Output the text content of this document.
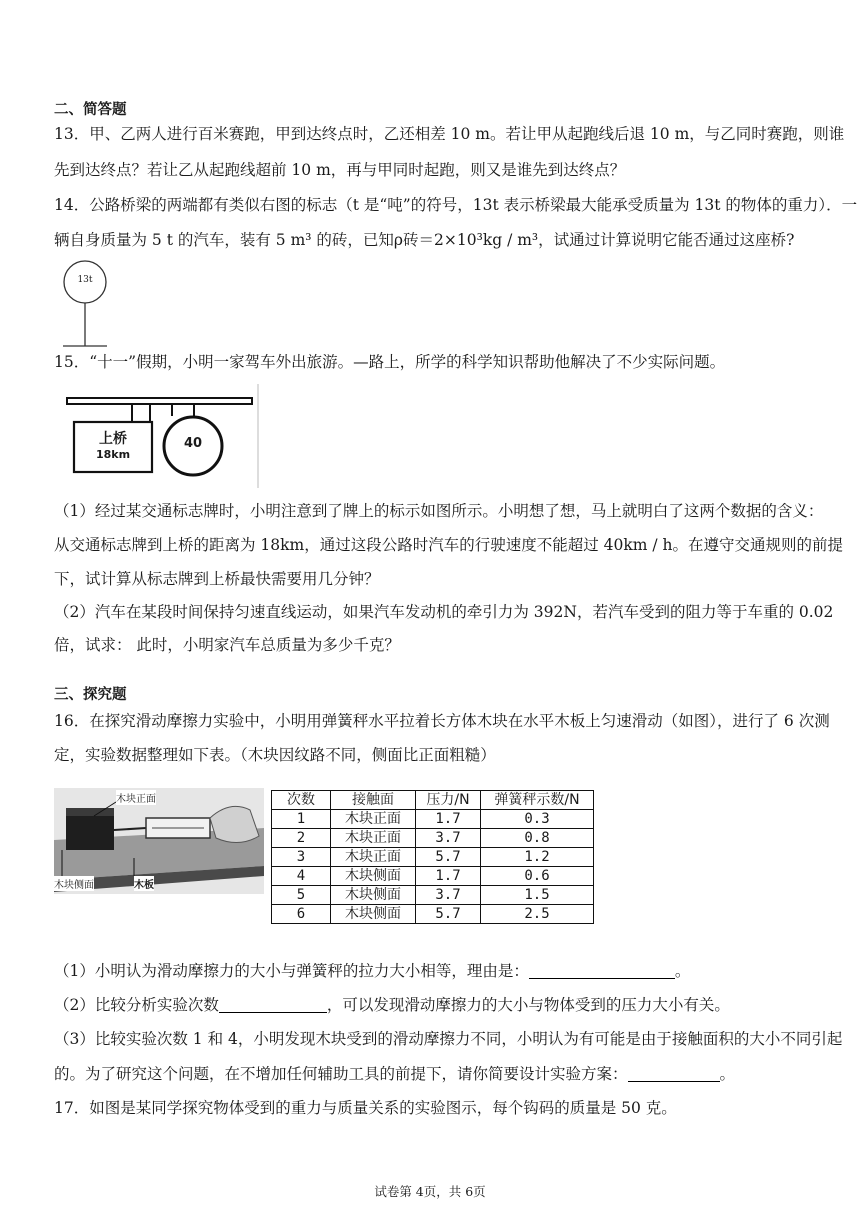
二、简答题
13．甲、乙两人进行百米赛跑，甲到达终点时，乙还相差 10 m。若让甲从起跑线后退 10 m，与乙同时赛跑，则谁
先到达终点？若让乙从起跑线超前 10 m，再与甲同时起跑，则又是谁先到达终点？
14．公路桥梁的两端都有类似右图的标志（t 是“吨”的符号，13t 表示桥梁最大能承受质量为 13t 的物体的重力）．一
辆自身质量为 5 t 的汽车，装有 5 m³ 的砖，已知ρ砖＝2×10³kg / m³，试通过计算说明它能否通过这座桥?
13t
15．“十一”假期，小明一家驾车外出旅游。—路上，所学的科学知识帮助他解决了不少实际问题。
上桥
18km
40
（1）经过某交通标志牌时，小明注意到了牌上的标示如图所示。小明想了想，马上就明白了这两个数据的含义：
从交通标志牌到上桥的距离为 18km，通过这段公路时汽车的行驶速度不能超过 40km / h。在遵守交通规则的前提
下，试计算从标志牌到上桥最快需要用几分钟？
（2）汽车在某段时间保持匀速直线运动，如果汽车发动机的牵引力为 392N，若汽车受到的阻力等于车重的 0.02
倍，试求： 此时，小明家汽车总质量为多少千克？
三、探究题
16．在探究滑动摩擦力实验中，小明用弹簧秤水平拉着长方体木块在水平木板上匀速滑动（如图），进行了 6 次测
定，实验数据整理如下表。（木块因纹路不同，侧面比正面粗糙）
木块正面
木块侧面	木板
次数	接触面	压力/N	弹簧秤示数/N
1	木块正面	1.7	0.3
2	木块正面	3.7	0.8
3	木块正面	5.7	1.2
4	木块侧面	1.7	0.6
5	木块侧面	3.7	1.5
6	木块侧面	5.7	2.5
（1）小明认为滑动摩擦力的大小与弹簧秤的拉力大小相等，理由是：	。
（2）比较分析实验次数	，可以发现滑动摩擦力的大小与物体受到的压力大小有关。
（3）比较实验次数 1 和 4，小明发现木块受到的滑动摩擦力不同，小明认为有可能是由于接触面积的大小不同引起
的。为了研究这个问题，在不增加任何辅助工具的前提下，请你简要设计实验方案：	。
17．如图是某同学探究物体受到的重力与质量关系的实验图示，每个钩码的质量是 50 克。
试卷第 4页，共 6页
